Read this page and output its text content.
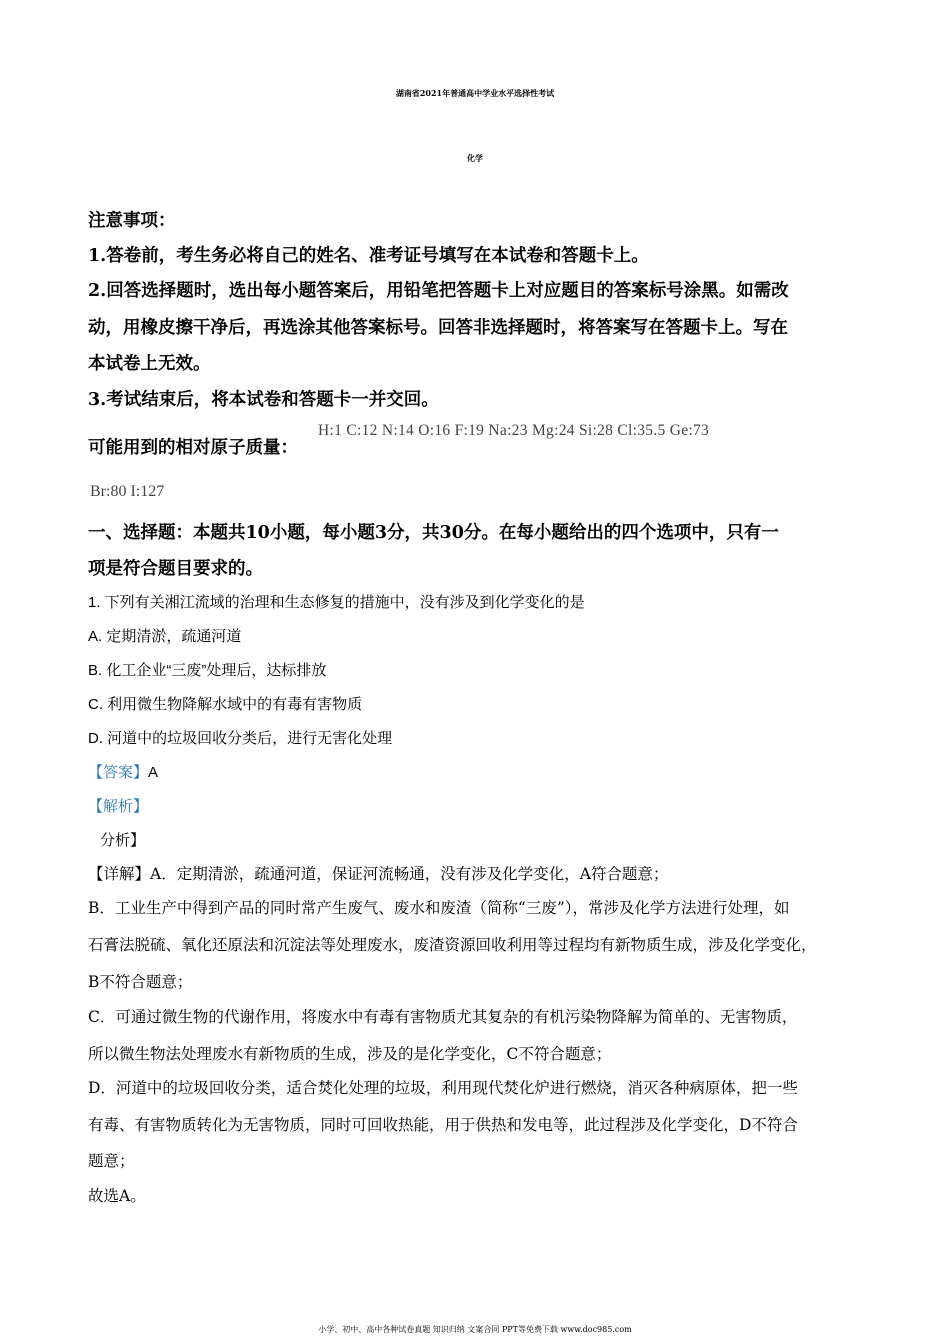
湖南省2021年普通高中学业水平选择性考试
化学
注意事项：
1.答卷前，考生务必将自己的姓名、准考证号填写在本试卷和答题卡上。
2.回答选择题时，选出每小题答案后，用铅笔把答题卡上对应题目的答案标号涂黑。如需改
动，用橡皮擦干净后，再选涂其他答案标号。回答非选择题时，将答案写在答题卡上。写在
本试卷上无效。
3.考试结束后，将本试卷和答题卡一并交回。
可能用到的相对原子质量：
H:1 C:12 N:14 O:16 F:19 Na:23 Mg:24 Si:28 Cl:35.5 Ge:73
Br:80 I:127
一、选择题：本题共10小题，每小题3分，共30分。在每小题给出的四个选项中，只有一
项是符合题目要求的。
1. 下列有关湘江流域的治理和生态修复的措施中，没有涉及到化学变化的是
A. 定期清淤，疏通河道
B. 化工企业“三废”处理后，达标排放
C. 利用微生物降解水域中的有毒有害物质
D. 河道中的垃圾回收分类后，进行无害化处理
【答案】A
【解析】
分析】
【详解】A．定期清淤，疏通河道，保证河流畅通，没有涉及化学变化，A符合题意；
B．工业生产中得到产品的同时常产生废气、废水和废渣（简称“三废”），常涉及化学方法进行处理，如
石膏法脱硫、氧化还原法和沉淀法等处理废水，废渣资源回收利用等过程均有新物质生成，涉及化学变化，
B不符合题意；
C．可通过微生物的代谢作用，将废水中有毒有害物质尤其复杂的有机污染物降解为简单的、无害物质，
所以微生物法处理废水有新物质的生成，涉及的是化学变化，C不符合题意；
D．河道中的垃圾回收分类，适合焚化处理的垃圾，利用现代焚化炉进行燃烧，消灭各种病原体，把一些
有毒、有害物质转化为无害物质，同时可回收热能，用于供热和发电等，此过程涉及化学变化，D不符合
题意；
故选A。
小学、初中、高中各种试卷真题 知识归纳 文案合同 PPT等免费下载 www.doc985.com
